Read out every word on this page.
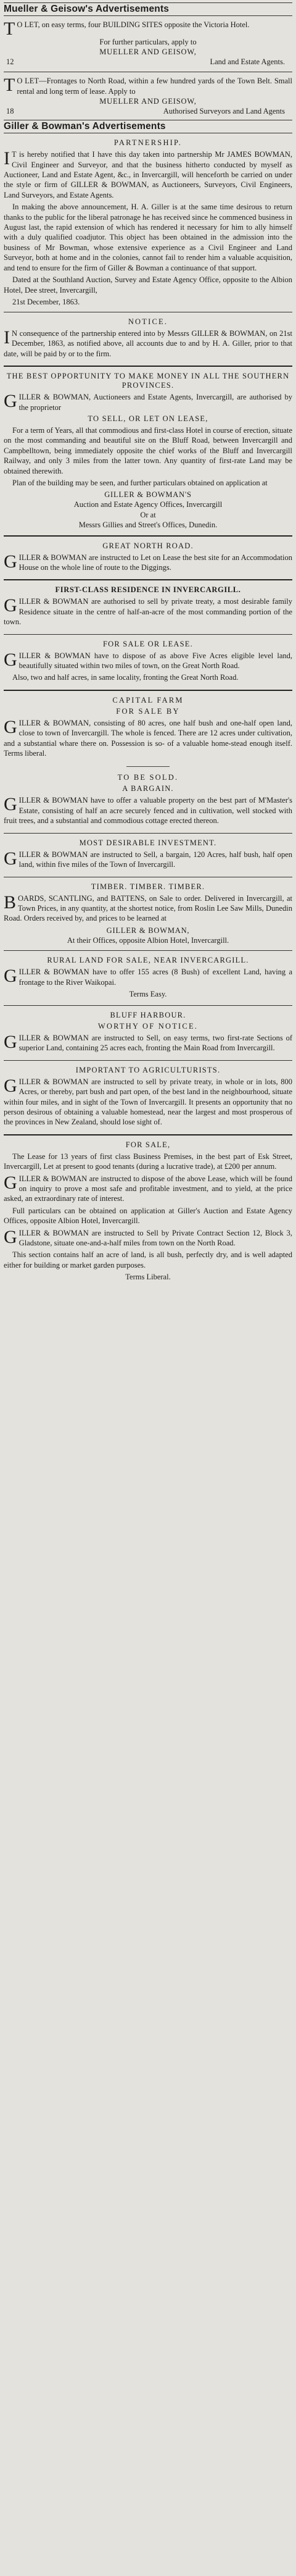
Mueller & Geisow's Advertisements
T O LET, on easy terms, four BUILDING SITES opposite the Victoria Hotel.
For further particulars, apply to
MUELLER AND GEISOW,
12	Land and Estate Agents.
T O LET—Frontages to North Road, within a few hundred yards of the Town Belt. Small rental and long term of lease. Apply to
MUELLER AND GEISOW,
18	Authorised Surveyors and Land Agents
Giller & Bowman's Advertisements
PARTNERSHIP.

I T is hereby notified that I have this day taken into partnership Mr JAMES BOWMAN, Civil Engineer and Surveyor, and that the business hitherto conducted by myself as Auctioneer, Land and Estate Agent, &c., in Invercargill, will henceforth be carried on under the style or firm of GILLER & BOWMAN, as Auctioneers, Surveyors, Civil Engineers, Land Surveyors, and Estate Agents.

In making the above announcement, H. A. Giller is at the same time desirous to return thanks to the public for the liberal patronage he has received since he commenced business in August last, the rapid extension of which has rendered it necessary for him to ally himself with a duly qualified coadjutor. This object has been obtained in the admission into the business of Mr Bowman, whose extensive experience as a Civil Engineer and Land Surveyor, both at home and in the colonies, cannot fail to render him a valuable acquisition, and tend to ensure for the firm of Giller & Bowman a continuance of that support.

Dated at the Southland Auction, Survey and Estate Agency Office, opposite to the Albion Hotel, Dee street, Invercargill,

21st December, 1863.
NOTICE.

I N consequence of the partnership entered into by Messrs GILLER & BOWMAN, on 21st December, 1863, as notified above, all accounts due to and by H. A. Giller, prior to that date, will be paid by or to the firm.

THE BEST OPPORTUNITY TO MAKE MONEY IN ALL THE SOUTHERN PROVINCES.

GILLER & BOWMAN, Auctioneers and Estate Agents, Invercargill, are authorised by the proprietor

TO SELL, OR LET ON LEASE,

For a term of Years, all that commodious and first-class Hotel in course of erection, situate on the most commanding and beautiful site on the Bluff Road, between Invercargill and Campbelltown, being immediately opposite the chief works of the Bluff and Invercargill Railway, and only 3 miles from the latter town. Any quantity of first-rate Land may be obtained therewith.

Plan of the building may be seen, and further particulars obtained on application at

GILLER & BOWMAN'S
Auction and Estate Agency Offices, Invercargill
Or at
Messrs Gillies and Street's Offices, Dunedin.
GREAT NORTH ROAD.

GILLER & BOWMAN are instructed to Let on Lease the best site for an Accommodation House on the whole line of route to the Diggings.

FIRST-CLASS RESIDENCE IN INVERCARGILL.

GILLER & BOWMAN are authorised to sell by private treaty, a most desirable family Residence situate in the centre of half-an-acre of the most commanding portion of the town.

FOR SALE OR LEASE.

GILLER & BOWMAN have to dispose of as above Five Acres eligible level land, beautifully situated within two miles of town, on the Great North Road.

Also, two and half acres, in same locality, fronting the Great North Road.

CAPITAL FARM
FOR SALE BY

GILLER & BOWMAN, consisting of 80 acres, one half bush and one-half open land, close to town of Invercargill. The whole is fenced. There are 12 acres under cultivation, and a substantial whare there on. Possession is so- of a valuable home-stead enough itself. Terms liberal.

TO BE SOLD.
A BARGAIN.

GILLER & BOWMAN have to offer a valuable property on the best part of M'Master's Estate, consisting of half an acre securely fenced and in cultivation, well stocked with fruit trees, and a substantial and commodious cottage erected thereon.

MOST DESIRABLE INVESTMENT.

GILLER & BOWMAN are instructed to Sell, a bargain, 120 Acres, half bush, half open land, within five miles of the Town of Invercargill.

TIMBER. TIMBER. TIMBER.

BOARDS, SCANTLING, and BATTENS, on Sale to order. Delivered in Invercargill, at Town Prices, in any quantity, at the shortest notice, from Roslin Lee Saw Mills, Dunedin Road. Orders received by, and prices to be learned at

GILLER & BOWMAN,
At their Offices, opposite Albion Hotel, Invercargill.
RURAL LAND FOR SALE, NEAR INVERCARGILL.

GILLER & BOWMAN have to offer 155 acres (8 Bush) of excellent Land, having a frontage to the River Waikopai.

Terms Easy.
BLUFF HARBOUR.
WORTHY OF NOTICE.

GILLER & BOWMAN are instructed to Sell, on easy terms, two first-rate Sections of superior Land, containing 25 acres each, fronting the Main Road from Invercargill.

IMPORTANT TO AGRICULTURISTS.

GILLER & BOWMAN are instructed to sell by private treaty, in whole or in lots, 800 Acres, or thereby, part bush and part open, of the best land in the neighbourhood, situate within four miles, and in sight of the Town of Invercargill. It presents an opportunity that no person desirous of obtaining a valuable homestead, near the largest and most prosperous of the provinces in New Zealand, should lose sight of.

FOR SALE,

The Lease for 13 years of first class Business Premises, in the best part of Esk Street, Invercargill, Let at present to good tenants (during a lucrative trade), at £200 per annum.

GILLER & BOWMAN are instructed to dispose of the above Lease, which will be found on inquiry to prove a most safe and profitable investment, and to yield, at the price asked, an extraordinary rate of interest.

Full particulars can be obtained on application at Giller's Auction and Estate Agency Offices, opposite Albion Hotel, Invercargill.

GILLER & BOWMAN are instructed to Sell by Private Contract Section 12, Block 3, Gladstone, situate one-and-a-half miles from town on the North Road.

This section contains half an acre of land, is all bush, perfectly dry, and is well adapted either for building or market garden purposes.

Terms Liberal.
